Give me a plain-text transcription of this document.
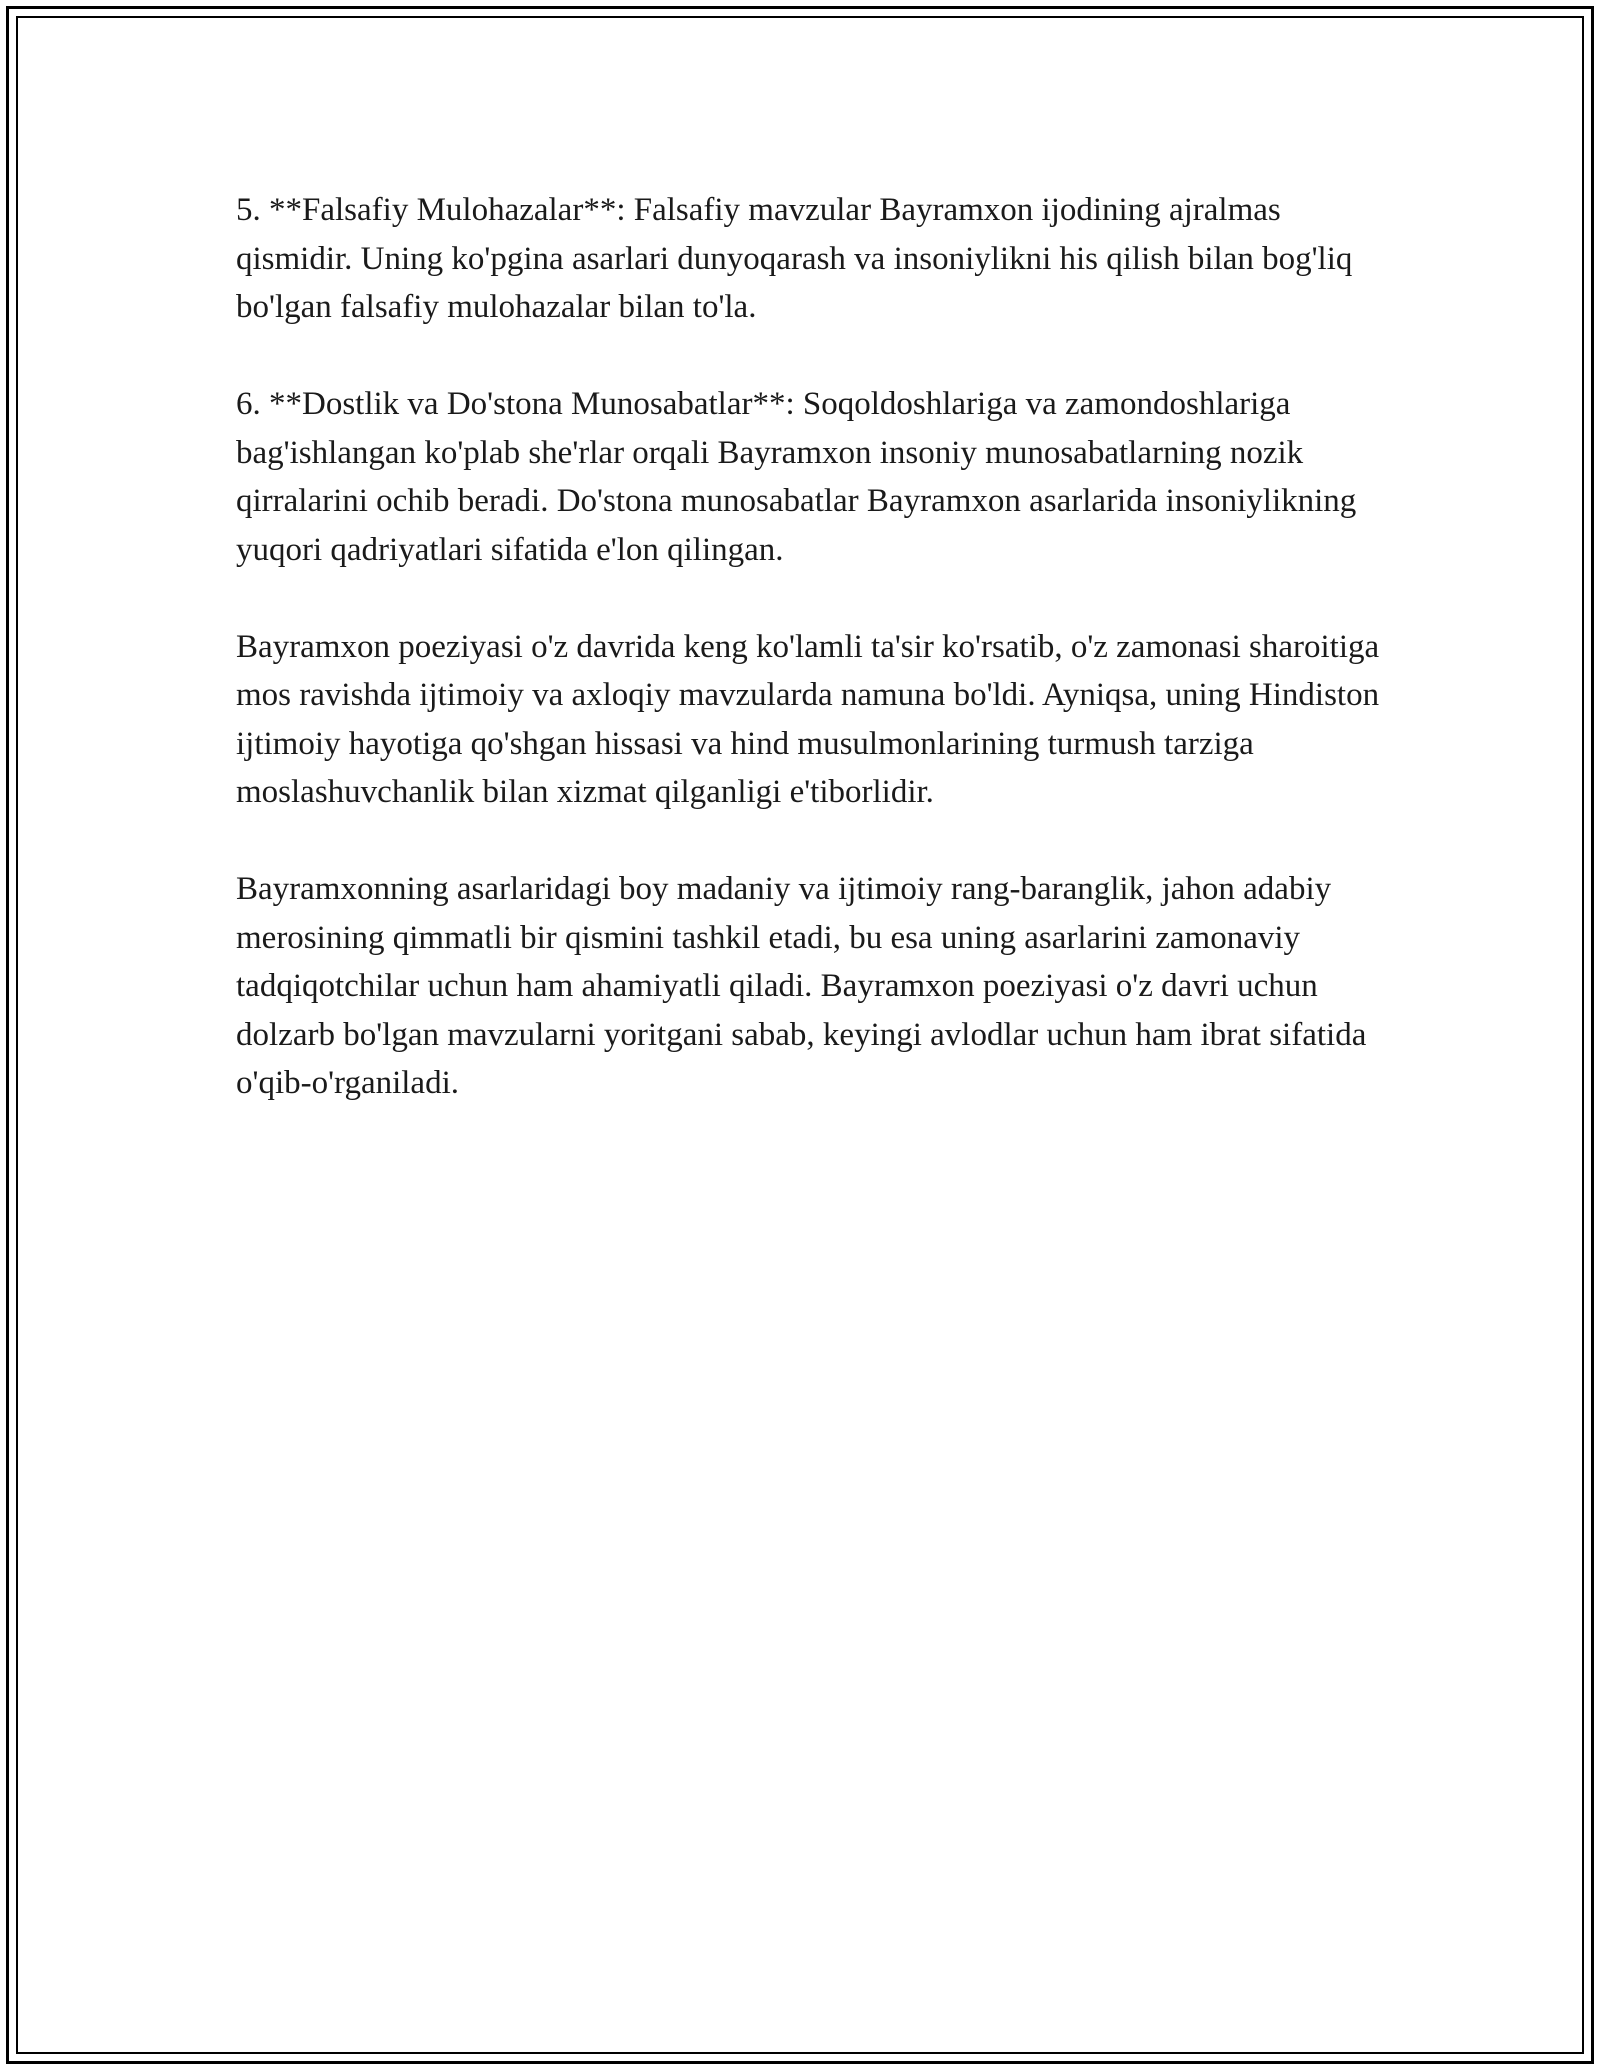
5. **Falsafiy Mulohazalar**: Falsafiy mavzular Bayramxon ijodining ajralmas qismidir. Uning ko'pgina asarlari dunyoqarash va insoniylikni his qilish bilan bog'liq bo'lgan falsafiy mulohazalar bilan to'la.

6. **Dostlik va Do'stona Munosabatlar**: Soqoldoshlariga va zamondoshlariga bag'ishlangan ko'plab she'rlar orqali Bayramxon insoniy munosabatlarning nozik qirralarini ochib beradi. Do'stona munosabatlar Bayramxon asarlarida insoniylikning yuqori qadriyatlari sifatida e'lon qilingan.

Bayramxon poeziyasi o'z davrida keng ko'lamli ta'sir ko'rsatib, o'z zamonasi sharoitiga mos ravishda ijtimoiy va axloqiy mavzularda namuna bo'ldi. Ayniqsa, uning Hindiston ijtimoiy hayotiga qo'shgan hissasi va hind musulmonlarining turmush tarziga moslashuvchanlik bilan xizmat qilganligi e'tiborlidir.

Bayramxonning asarlaridagi boy madaniy va ijtimoiy rang-baranglik, jahon adabiy merosining qimmatli bir qismini tashkil etadi, bu esa uning asarlarini zamonaviy tadqiqotchilar uchun ham ahamiyatli qiladi. Bayramxon poeziyasi o'z davri uchun dolzarb bo'lgan mavzularni yoritgani sabab, keyingi avlodlar uchun ham ibrat sifatida o'qib-o'rganiladi.
